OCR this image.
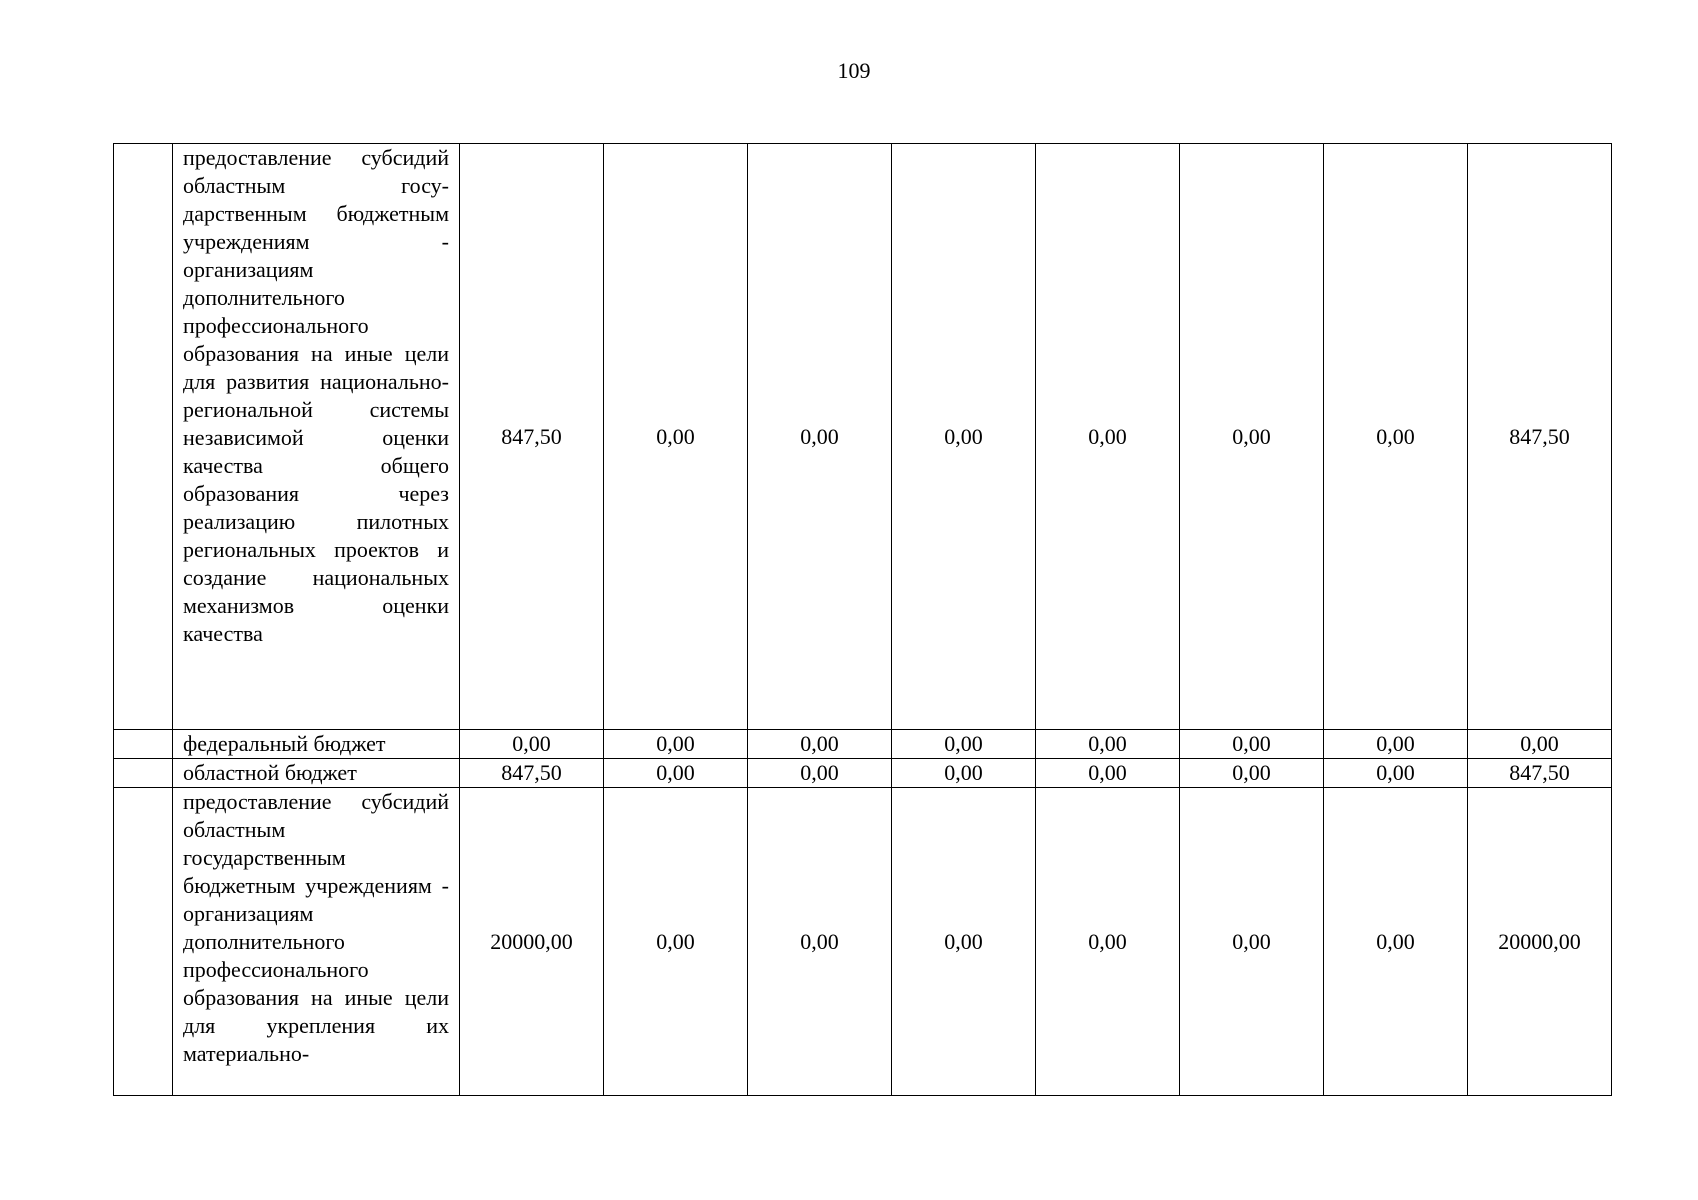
109

	предоставление субсидий областным государственным бюджетным учреждениям - организациям дополнительного профессионального образования на иные цели для развития национально-региональной системы независимой оценки качества общего образования через реализацию пилотных региональных проектов и создание национальных механизмов оценки качества	847,50	0,00	0,00	0,00	0,00	0,00	0,00	847,50
	федеральный бюджет	0,00	0,00	0,00	0,00	0,00	0,00	0,00	0,00
	областной бюджет	847,50	0,00	0,00	0,00	0,00	0,00	0,00	847,50

	предоставление субсидий областным государственным бюджетным учреждениям - организациям дополнительного профессионального образования на иные цели для укрепления их материально-	20000,00	0,00	0,00	0,00	0,00	0,00	0,00	20000,00
